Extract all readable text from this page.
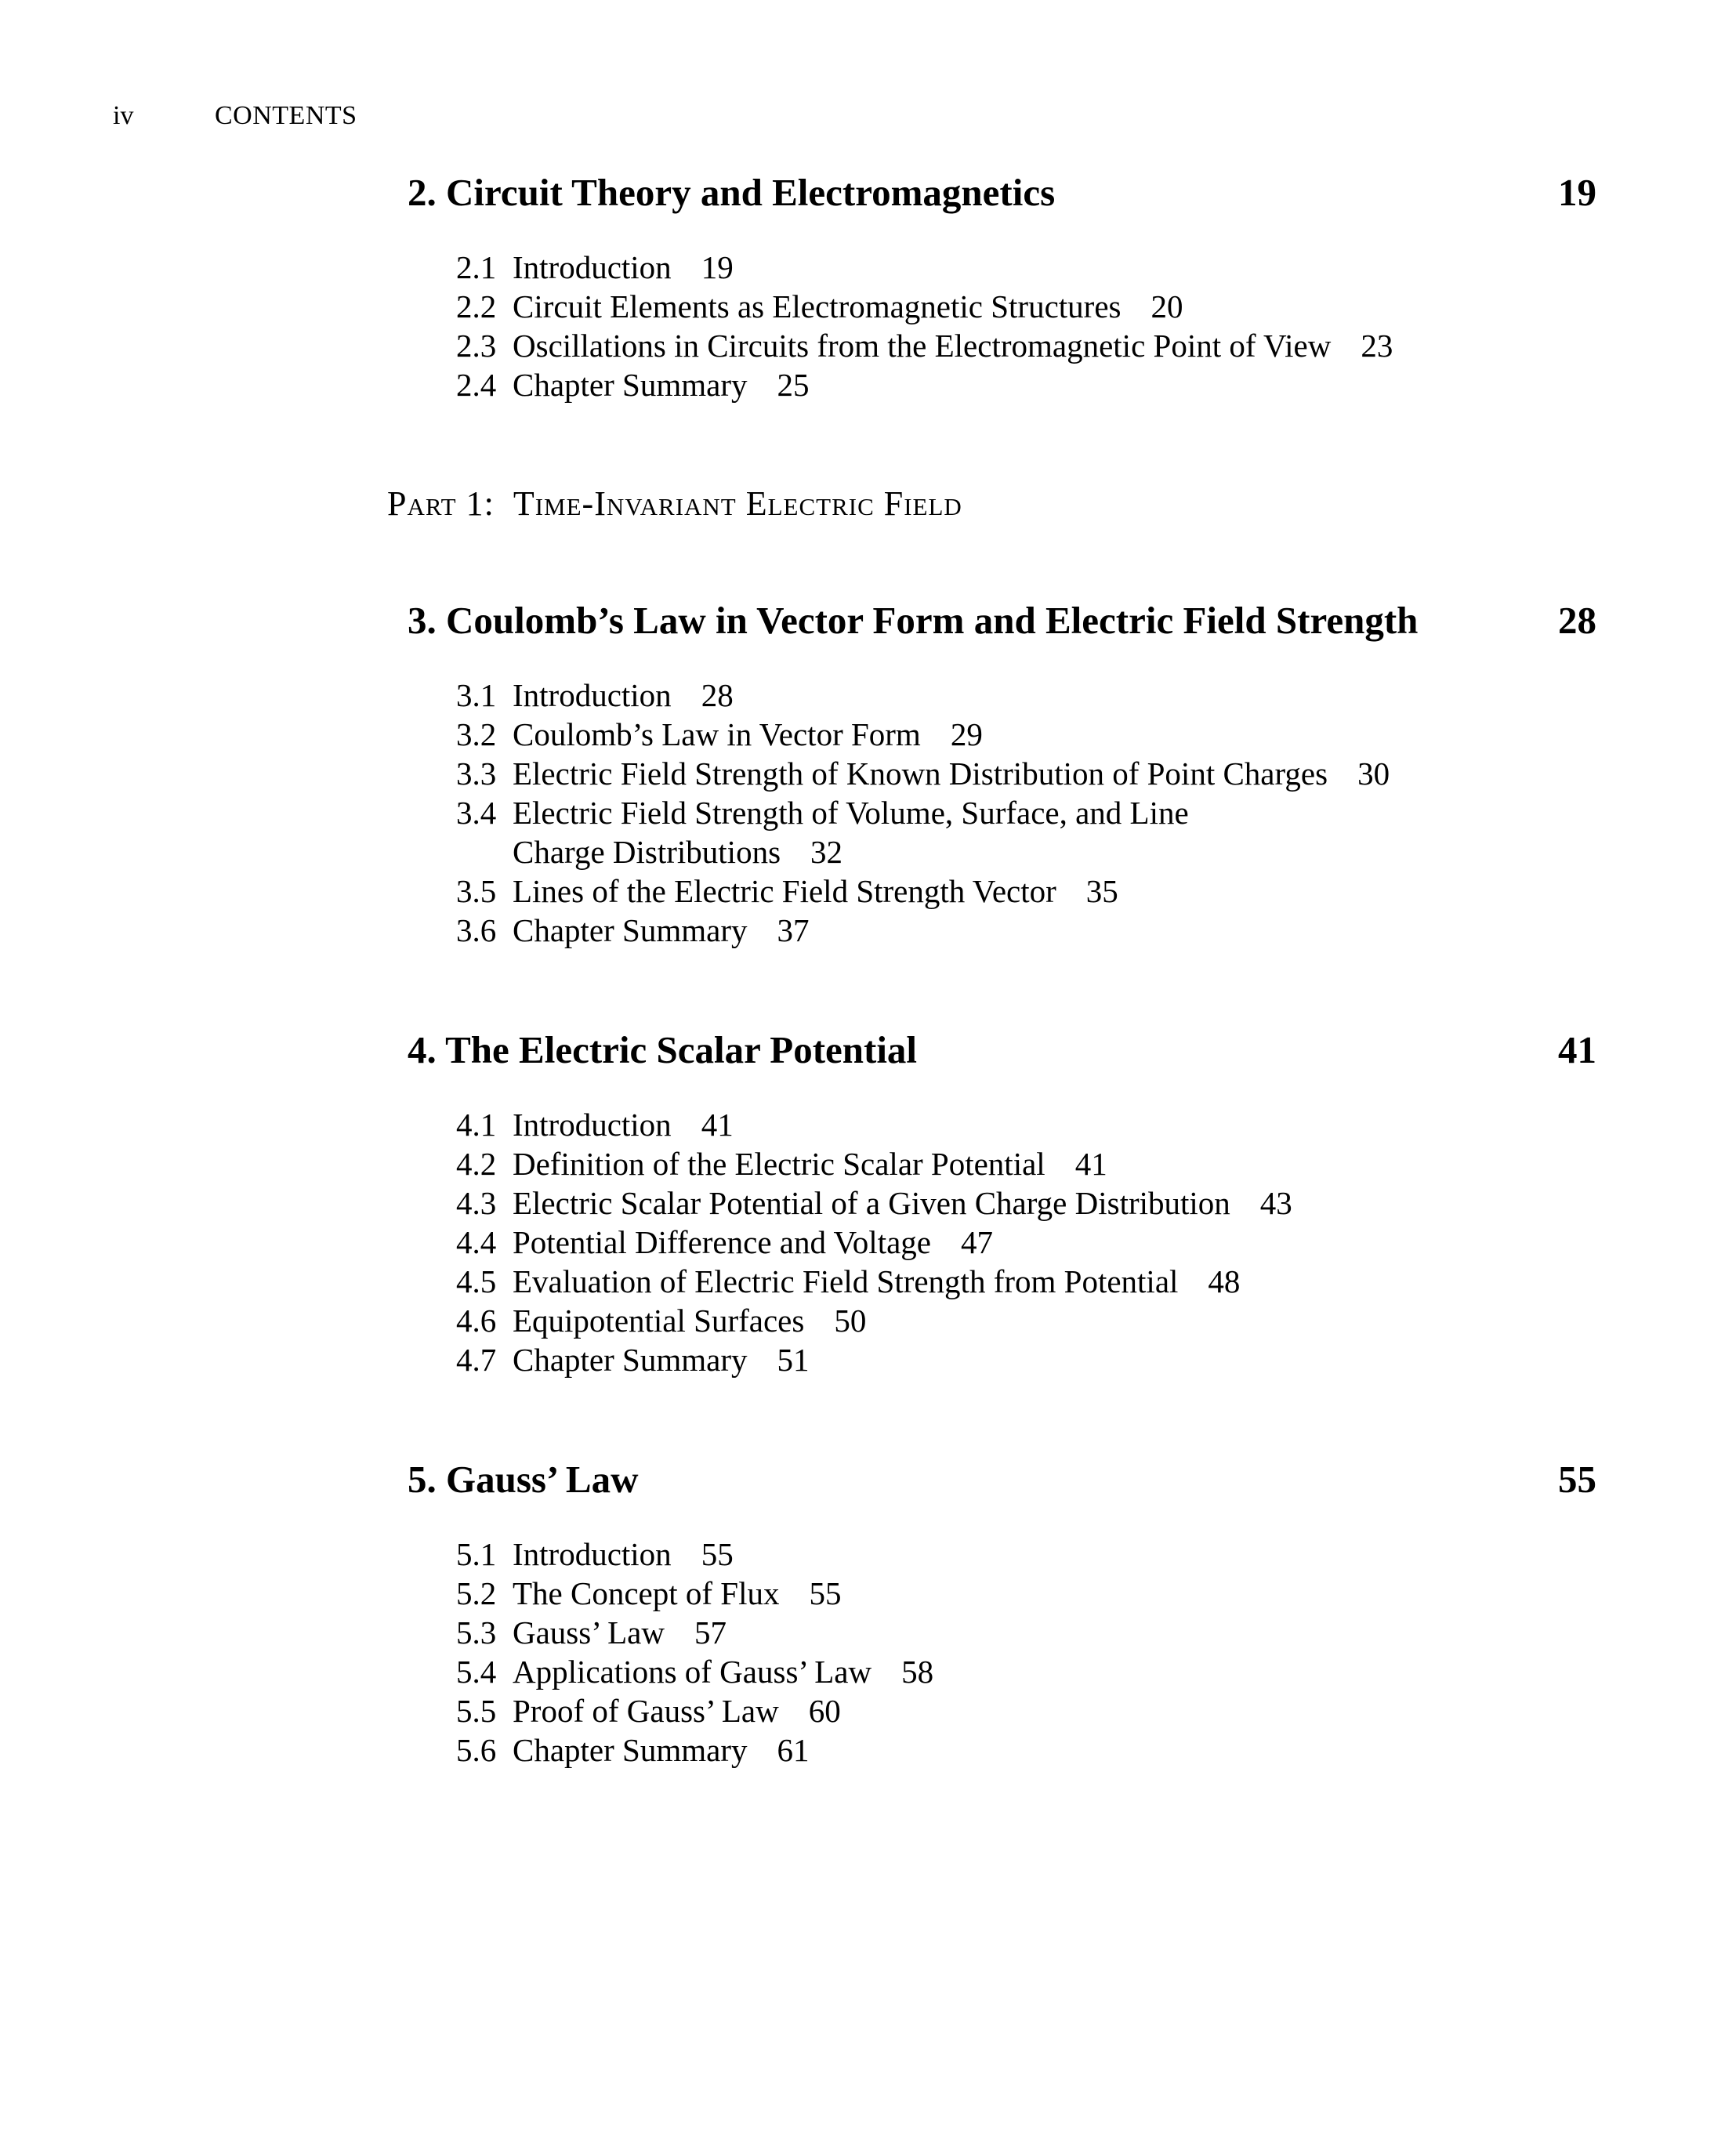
iv	CONTENTS
2. Circuit Theory and Electromagnetics	19
2.1 Introduction 19
2.2 Circuit Elements as Electromagnetic Structures 20
2.3 Oscillations in Circuits from the Electromagnetic Point of View 23
2.4 Chapter Summary 25
Part 1: Time-Invariant Electric Field
3. Coulomb’s Law in Vector Form and Electric Field Strength	28
3.1 Introduction 28
3.2 Coulomb’s Law in Vector Form 29
3.3 Electric Field Strength of Known Distribution of Point Charges 30
3.4 Electric Field Strength of Volume, Surface, and Line
Charge Distributions 32
3.5 Lines of the Electric Field Strength Vector 35
3.6 Chapter Summary 37
4. The Electric Scalar Potential	41
4.1 Introduction 41
4.2 Definition of the Electric Scalar Potential 41
4.3 Electric Scalar Potential of a Given Charge Distribution 43
4.4 Potential Difference and Voltage 47
4.5 Evaluation of Electric Field Strength from Potential 48
4.6 Equipotential Surfaces 50
4.7 Chapter Summary 51
5. Gauss’ Law	55
5.1 Introduction 55
5.2 The Concept of Flux 55
5.3 Gauss’ Law 57
5.4 Applications of Gauss’ Law 58
5.5 Proof of Gauss’ Law 60
5.6 Chapter Summary 61
